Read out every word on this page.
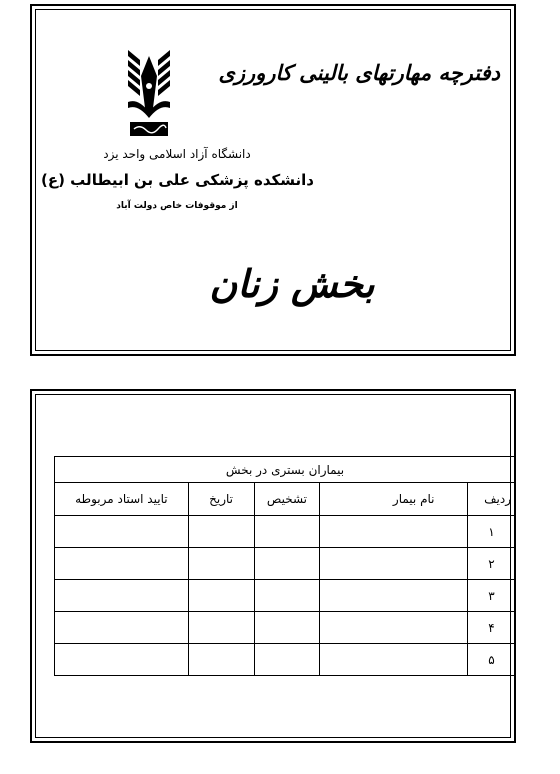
دفترچه مهارتهای بالینی کارورزی
دانشگاه آزاد اسلامی واحد یزد
دانشکده پزشکی علی بن ابیطالب (ع)
از موقوفات خاص دولت آباد
بخش زنان
بیماران بستری در بخش				
ردیف	نام بیمار	تشخیص	تاریخ	تایید استاد مربوطه
۱				
۲				
۳				
۴				
۵				
